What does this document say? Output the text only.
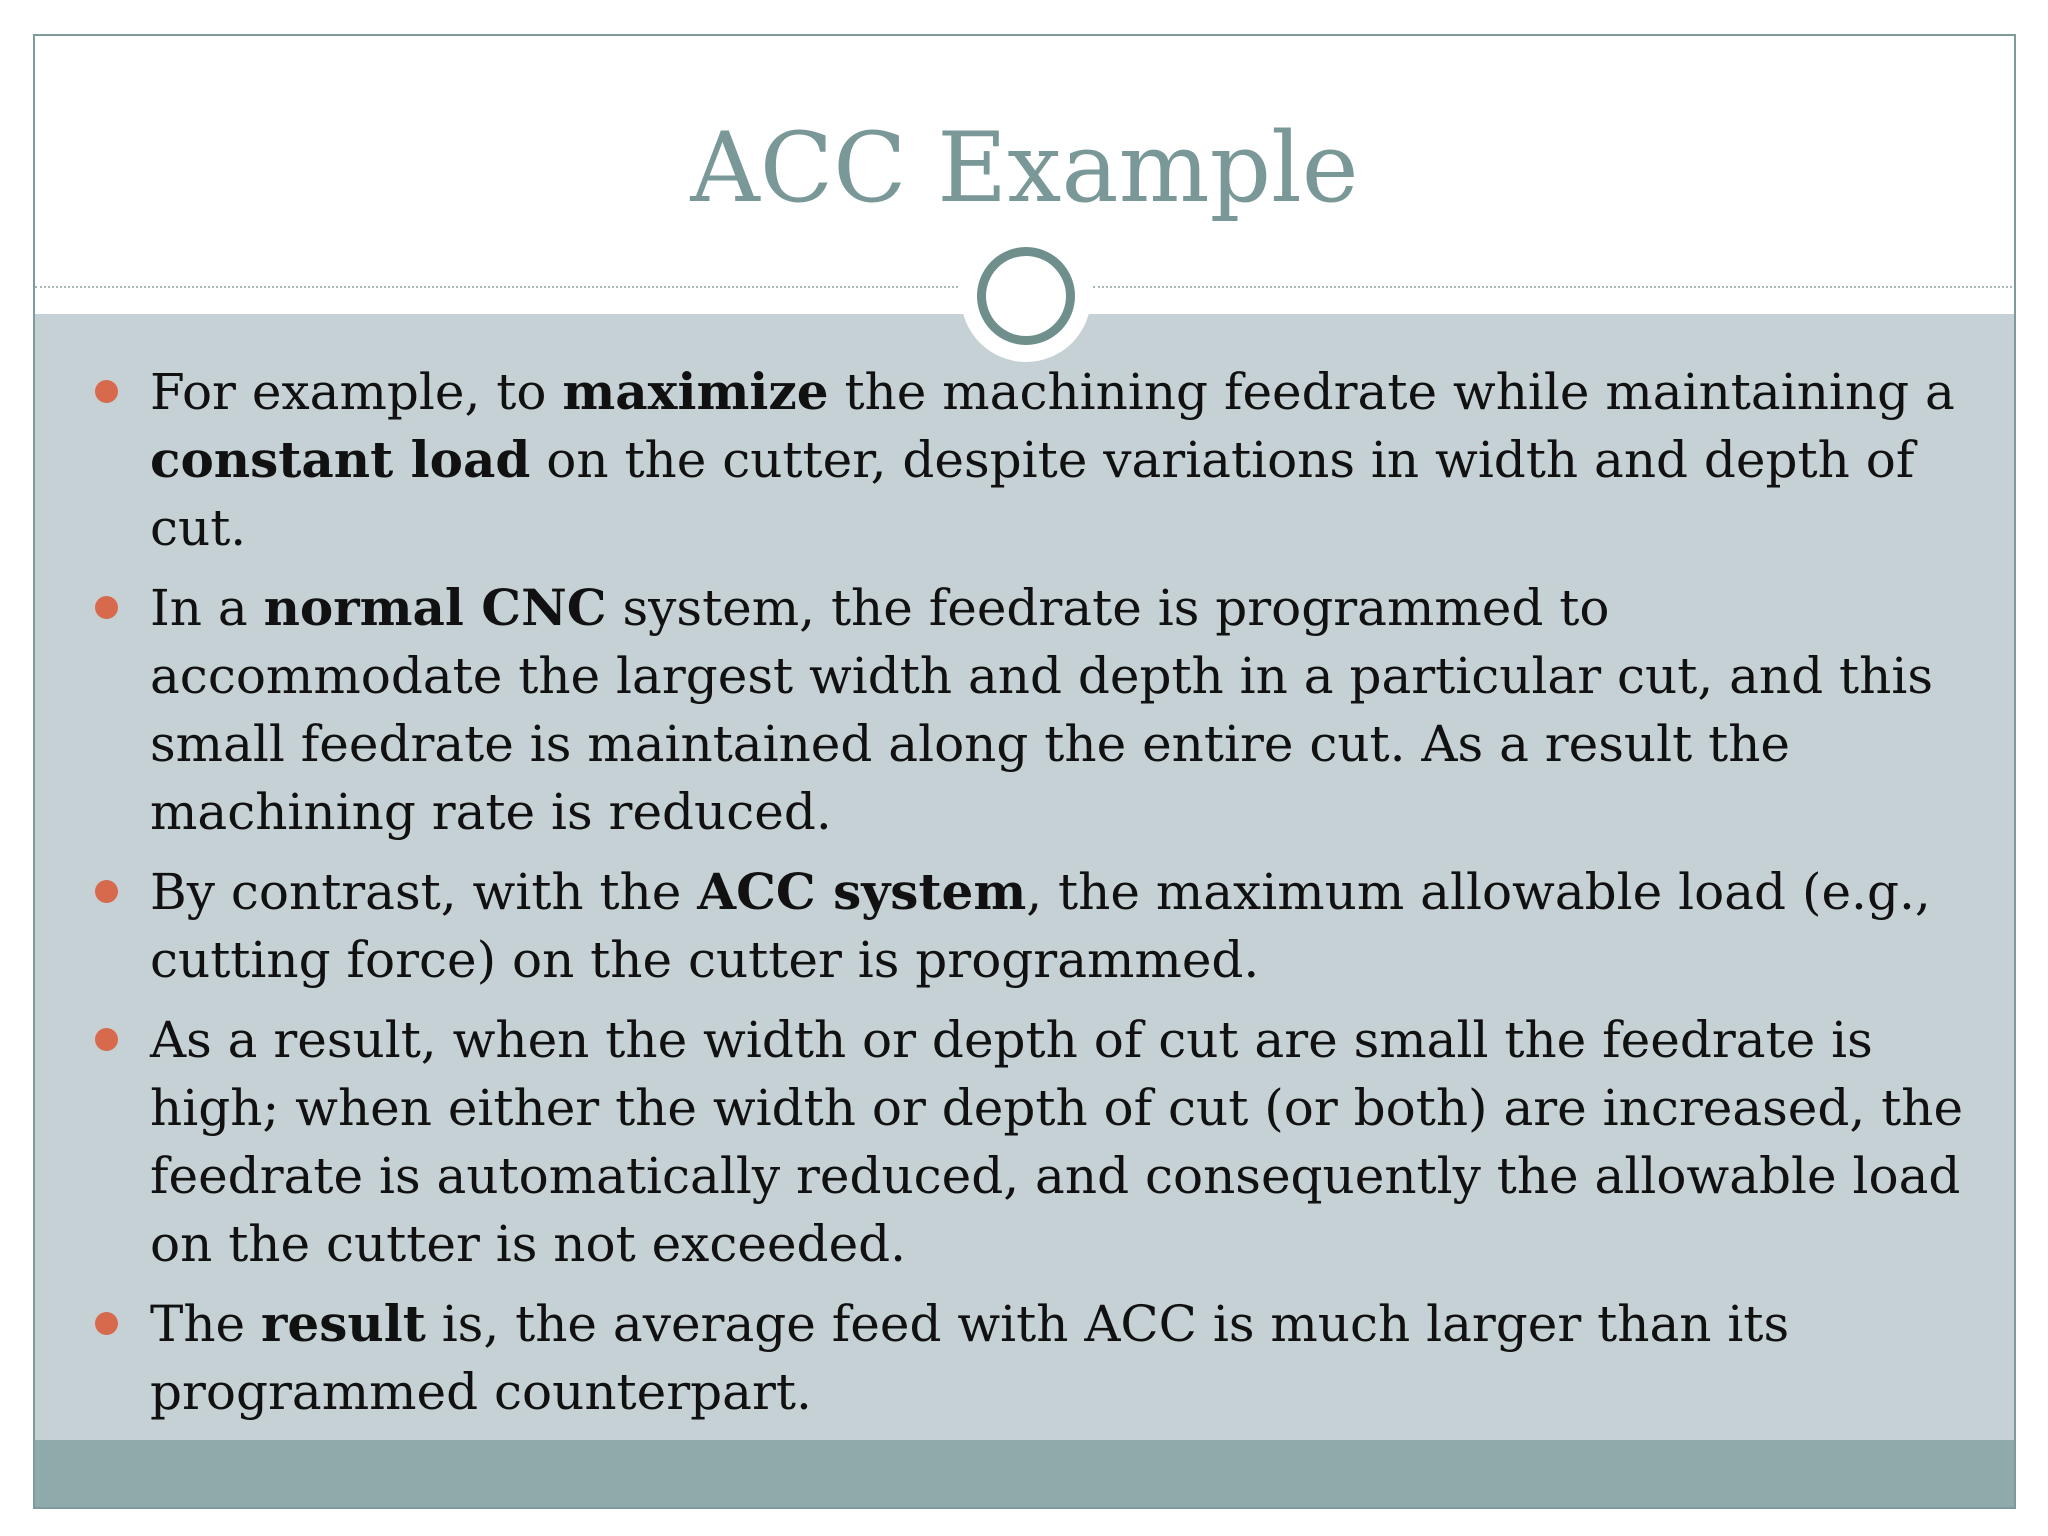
ACC Example
For example, to maximize the machining feedrate while maintaining a constant load on the cutter, despite variations in width and depth of cut.
In a normal CNC system, the feedrate is programmed to accommodate the largest width and depth in a particular cut, and this small feedrate is maintained along the entire cut. As a result the machining rate is reduced.
By contrast, with the ACC system, the maximum allowable load (e.g., cutting force) on the cutter is programmed.
As a result, when the width or depth of cut are small the feedrate is high; when either the width or depth of cut (or both) are increased, the feedrate is automatically reduced, and consequently the allowable load on the cutter is not exceeded.
The result is, the average feed with ACC is much larger than its programmed counterpart.
